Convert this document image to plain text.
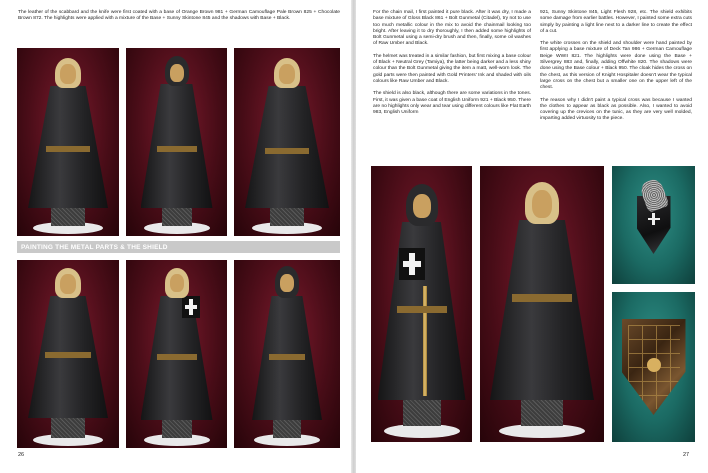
The leather of the scabbard and the knife were first coated with a base of Orange Brown 981 + German Camouflage Pale Brown 825 + Chocolate Brown 872. The highlights were applied with a mixture of the Base + Sunny Skintone 845 and the shadows with Base + Black.

PAINTING THE METAL PARTS & THE SHIELD
26

For the chain mail, I first painted it pure black. After it was dry, I made a base mixture of Gloss Black 861 + Bolt Gunmetal (Citadel), try not to use too much metallic colour in the mix to avoid the chainmail looking too bright. After leaving it to dry thoroughly, I then added some highlights of Bolt Gunmetal using a semi-dry brush and then, finally, some oil washes of Raw Umber and Black.

The helmet was treated in a similar fashion, but first mixing a base colour of Black + Neutral Grey (Tamiya), the latter being darker and a less shiny colour than the Bolt Gunmetal giving the item a matt, well-worn look. The gold parts were then painted with Gold Printers' Ink and shaded with oils colours like Raw Umber and Black.

The shield is also black, although there are some variations in the tones. First, it was given a base coat of English Uniform 921 + Black 950. There are no highlights only wear and tear using different colours like Flat Earth 983, English Uniform

921, Sunny Skintone 845, Light Flesh 928, etc. The shield exhibits some damage from earlier battles. However, I painted some extra cuts simply by painting a light line next to a darker line to create the effect of a cut.

The white crosses on the shield and shoulder were hand painted by first applying a base mixture of Deck Tan 986 + German Camouflage Beige WWII 821. The highlights were done using the Base + Silvergrey 883 and, finally, adding Offwhite 820. The shadows were done using the Base colour + Black 950. The cloak hides the cross on the chest, as this version of Knight Hospitaler doesn't wear the typical large cross on the chest but a smaller one on the upper left of the chest.

The reason why I didn't paint a typical cross was because I wanted the clothes to appear as black as possible. Also, I wanted to avoid covering up the crevices on the tunic, as they are very well molded, imparting added virtuosity to the piece.

27
